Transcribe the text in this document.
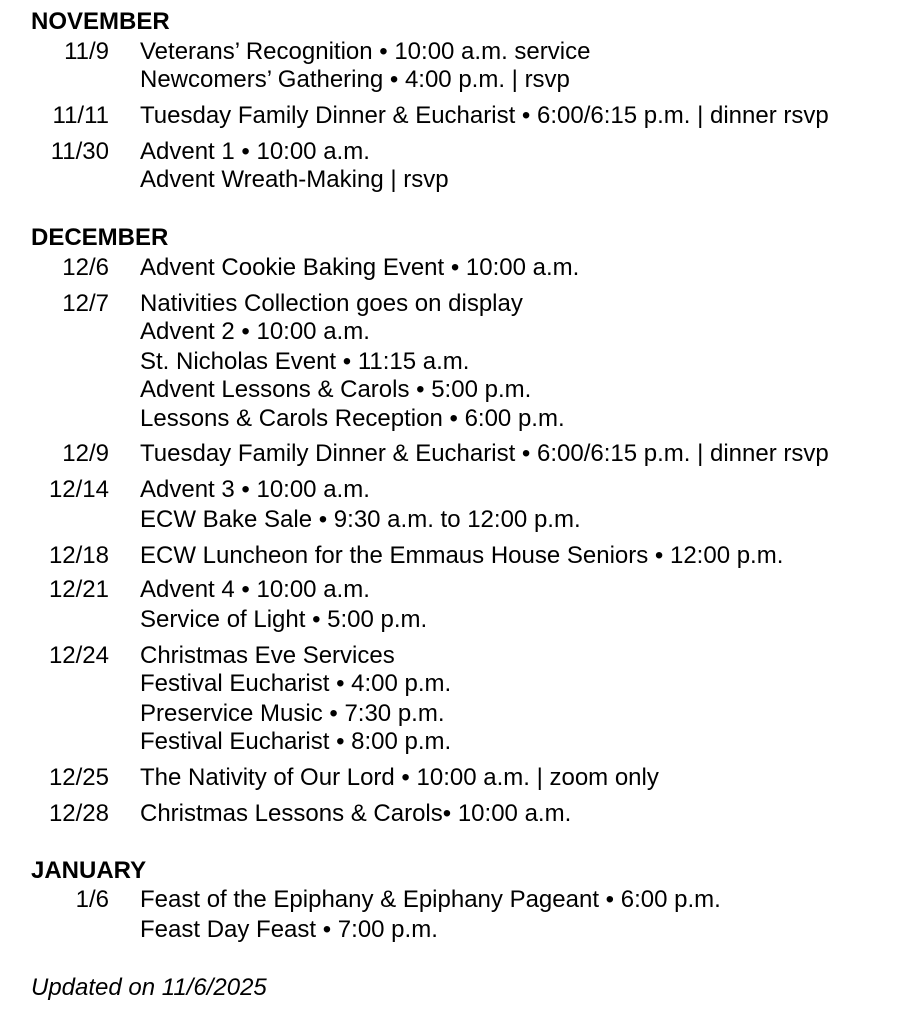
NOVEMBER
11/9 Veterans’ Recognition • 10:00 a.m. service
Newcomers’ Gathering • 4:00 p.m. | rsvp
11/11 Tuesday Family Dinner & Eucharist • 6:00/6:15 p.m. | dinner rsvp
11/30 Advent 1 • 10:00 a.m.
Advent Wreath-Making | rsvp
DECEMBER
12/6 Advent Cookie Baking Event • 10:00 a.m.
12/7 Nativities Collection goes on display
Advent 2 • 10:00 a.m.
St. Nicholas Event • 11:15 a.m.
Advent Lessons & Carols • 5:00 p.m.
Lessons & Carols Reception • 6:00 p.m.
12/9 Tuesday Family Dinner & Eucharist • 6:00/6:15 p.m. | dinner rsvp
12/14 Advent 3 • 10:00 a.m.
ECW Bake Sale • 9:30 a.m. to 12:00 p.m.
12/18 ECW Luncheon for the Emmaus House Seniors • 12:00 p.m.
12/21 Advent 4 • 10:00 a.m.
Service of Light • 5:00 p.m.
12/24 Christmas Eve Services
Festival Eucharist • 4:00 p.m.
Preservice Music • 7:30 p.m.
Festival Eucharist • 8:00 p.m.
12/25 The Nativity of Our Lord • 10:00 a.m. | zoom only
12/28 Christmas Lessons & Carols• 10:00 a.m.
JANUARY
1/6 Feast of the Epiphany & Epiphany Pageant • 6:00 p.m.
Feast Day Feast • 7:00 p.m.
Updated on 11/6/2025
